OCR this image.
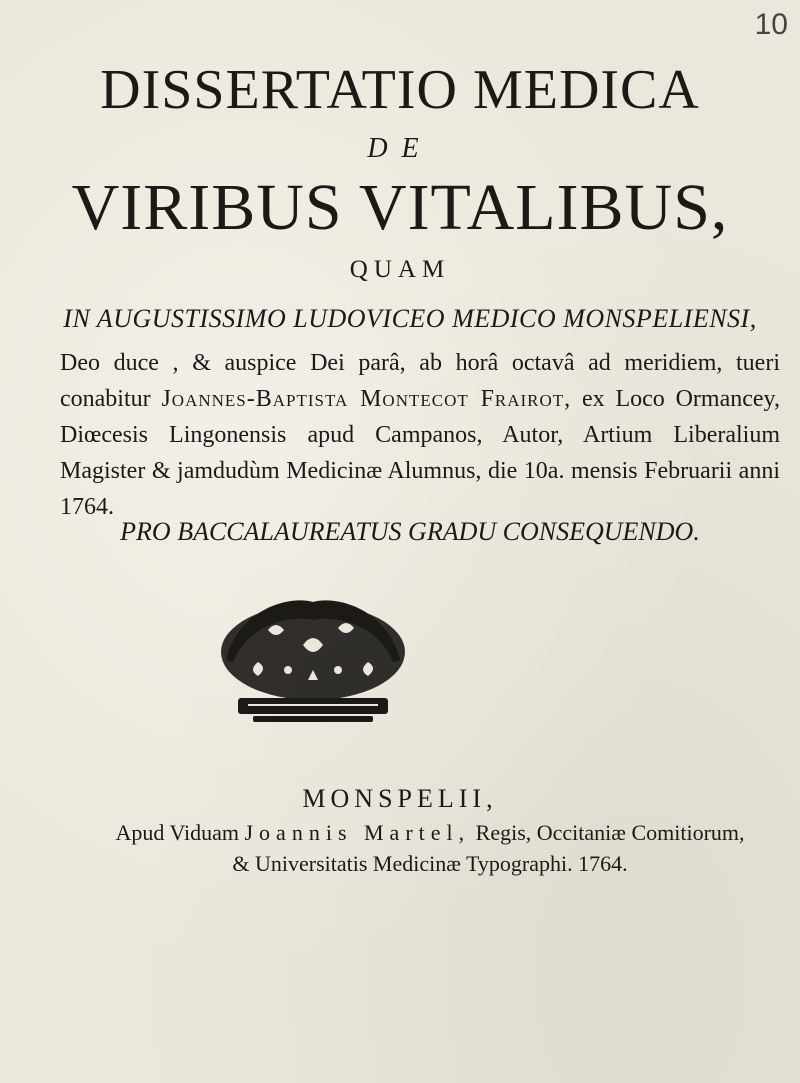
10
DISSERTATIO MEDICA
DE
VIRIBUS VITALIBUS,
QUAM
IN AUGUSTISSIMO LUDOVICEO MEDICO MONSPELIENSI,
Deo duce , & auspice Dei parâ, ab horâ octavâ ad meridiem, tueri conabitur Joannes-Baptista Montecot Frairot, ex Loco Ormancey, Diœcesis Lingonensis apud Campanos, Autor, Artium Liberalium Magister & jamdudùm Medicinæ Alumnus, die 10a. mensis Februarii anni 1764.
PRO BACCALAUREATUS GRADU CONSEQUENDO.
MONSPELII,
Apud Viduam Joannis Martel, Regis, Occitaniæ Comitiorum,
& Universitatis Medicinæ Typographi. 1764.
